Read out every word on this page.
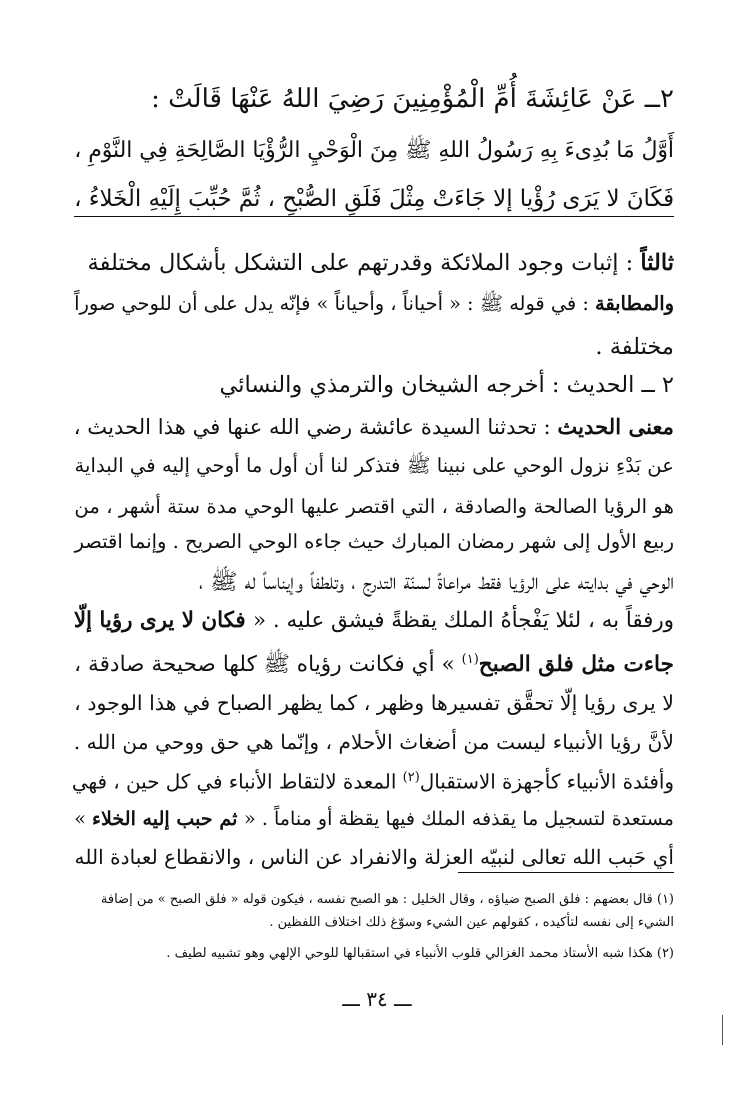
٢ــ عَنْ عَائِشَةَ أُمِّ الْمُؤْمِنِينَ رَضِيَ اللهُ عَنْهَا قَالَتْ :
أَوَّلُ مَا بُدِىءَ بِهِ رَسُولُ اللهِ ﷺ مِنَ الْوَحْيِ الرُّؤْيَا الصَّالِحَةِ فِي النَّوْمِ ،
فَكَانَ لا يَرَى رُؤْيا إلا جَاءَتْ مِثْلَ فَلَقِ الصُّبْحِ ، ثُمَّ حُبِّبَ إِلَيْهِ الْخَلاءُ ،
ثالثاً : إثبات وجود الملائكة وقدرتهم على التشكل بأشكال مختلفة
والمطابقة : في قوله ﷺ : « أحياناً ، وأحياناً » فإنّه يدل على أن للوحي صوراً
مختلفة .
٢ ــ الحديث : أخرجه الشيخان والترمذي والنسائي
معنى الحديث : تحدثنا السيدة عائشة رضي الله عنها في هذا الحديث ،
عن بَدْءِ نزول الوحي على نبينا ﷺ فتذكر لنا أن أول ما أوحي إليه في البداية
هو الرؤيا الصالحة والصادقة ، التي اقتصر عليها الوحي مدة ستة أشهر ، من
ربيع الأول إلى شهر رمضان المبارك حيث جاءه الوحي الصريح . وإنما اقتصر
الوحي في بدايته على الرؤيا فقط مراعاةً لسنّة التدرج ، وتلطفاً وإيناساً له ﷺ ،
ورفقاً به ، لئلا يَفْجأهُ الملك يقظةً فيشق عليه . « فكان لا يرى رؤيا إلّا
جاءت مثل فلق الصبح$^{(١)}$ » أي فكانت رؤياه ﷺ كلها صحيحة صادقة ،
لا يرى رؤيا إلّا تحقَّق تفسيرها وظهر ، كما يظهر الصباح في هذا الوجود ،
لأنَّ رؤيا الأنبياء ليست من أضغاث الأحلام ، وإنّما هي حق ووحي من الله .
وأفئدة الأنبياء كأجهزة الاستقبال$^{(٢)}$ المعدة لالتقاط الأنباء في كل حين ، فهي
مستعدة لتسجيل ما يقذفه الملك فيها يقظة أو مناماً . « ثم حبب إليه الخلاء »
أي حَبب الله تعالى لنبيّه العزلة والانفراد عن الناس ، والانقطاع لعبادة الله
(١) قال بعضهم : فلق الصبح ضياؤه ، وقال الخليل : هو الصبح نفسه ، فيكون قوله « فلق الصبح » من إضافة
الشيء إلى نفسه لتأكيده ، كقولهم عين الشيء وسوّغ ذلك اختلاف اللفظين .
(٢) هكذا شبه الأستاذ محمد الغزالي قلوب الأنبياء في استقبالها للوحي الإلهي وهو تشبيه لطيف .
ـــ ٣٤ ـــ
